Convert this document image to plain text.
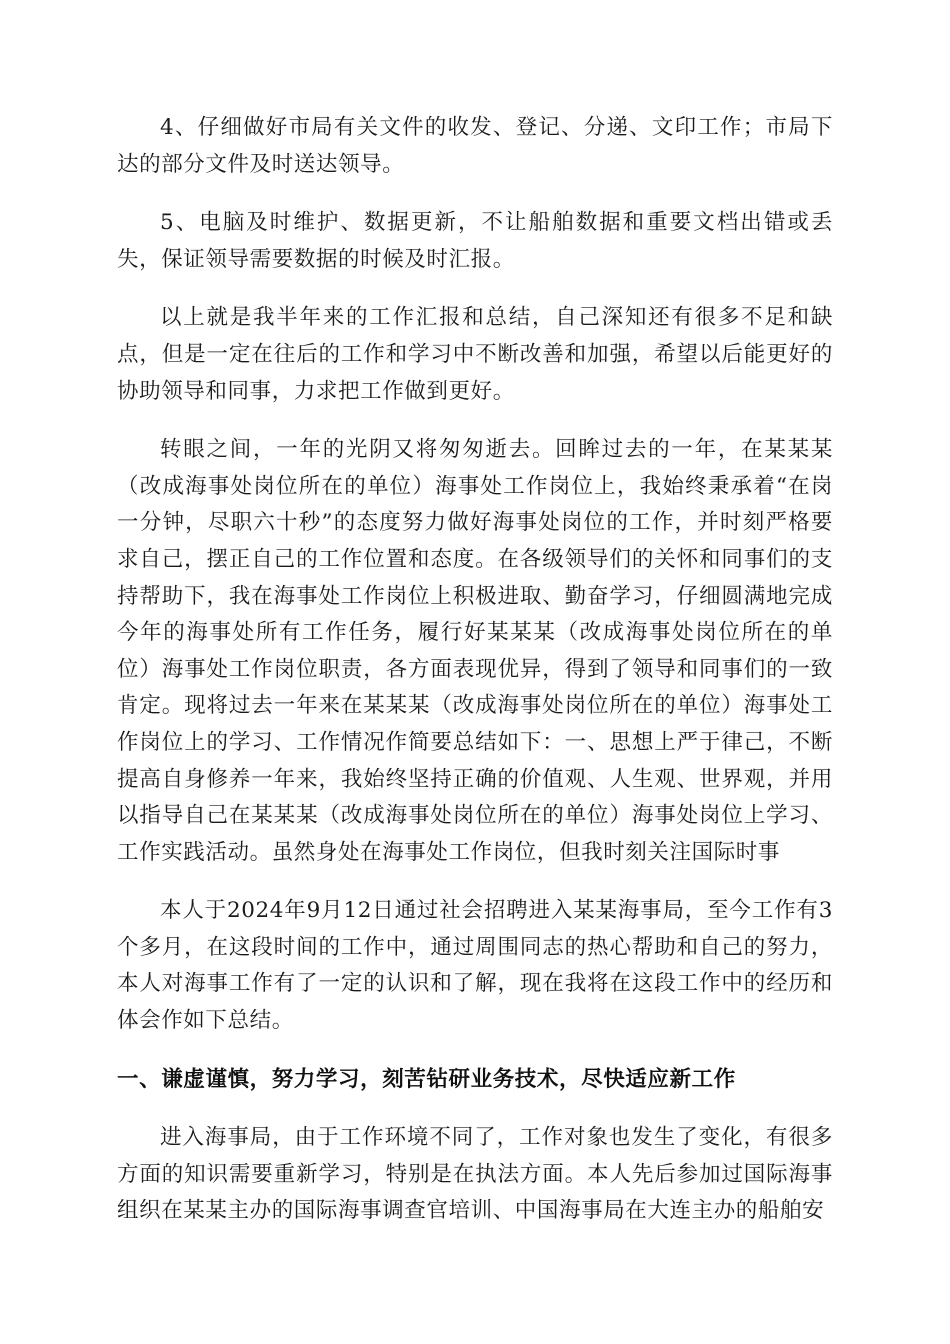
4、仔细做好市局有关文件的收发、登记、分递、文印工作；市局下达的部分文件及时送达领导。

5、电脑及时维护、数据更新，不让船舶数据和重要文档出错或丢失，保证领导需要数据的时候及时汇报。

以上就是我半年来的工作汇报和总结，自己深知还有很多不足和缺点，但是一定在往后的工作和学习中不断改善和加强，希望以后能更好的协助领导和同事，力求把工作做到更好。

转眼之间，一年的光阴又将匆匆逝去。回眸过去的一年，在某某某（改成海事处岗位所在的单位）海事处工作岗位上，我始终秉承着“在岗一分钟，尽职六十秒”的态度努力做好海事处岗位的工作，并时刻严格要求自己，摆正自己的工作位置和态度。在各级领导们的关怀和同事们的支持帮助下，我在海事处工作岗位上积极进取、勤奋学习，仔细圆满地完成今年的海事处所有工作任务，履行好某某某（改成海事处岗位所在的单位）海事处工作岗位职责，各方面表现优异，得到了领导和同事们的一致肯定。现将过去一年来在某某某（改成海事处岗位所在的单位）海事处工作岗位上的学习、工作情况作简要总结如下：一、思想上严于律己，不断提高自身修养一年来，我始终坚持正确的价值观、人生观、世界观，并用以指导自己在某某某（改成海事处岗位所在的单位）海事处岗位上学习、工作实践活动。虽然身处在海事处工作岗位，但我时刻关注国际时事

本人于2024年9月12日通过社会招聘进入某某海事局，至今工作有3个多月，在这段时间的工作中，通过周围同志的热心帮助和自己的努力，本人对海事工作有了一定的认识和了解，现在我将在这段工作中的经历和体会作如下总结。

一、谦虚谨慎，努力学习，刻苦钻研业务技术，尽快适应新工作

进入海事局，由于工作环境不同了，工作对象也发生了变化，有很多方面的知识需要重新学习，特别是在执法方面。本人先后参加过国际海事组织在某某主办的国际海事调查官培训、中国海事局在大连主办的船舶安
